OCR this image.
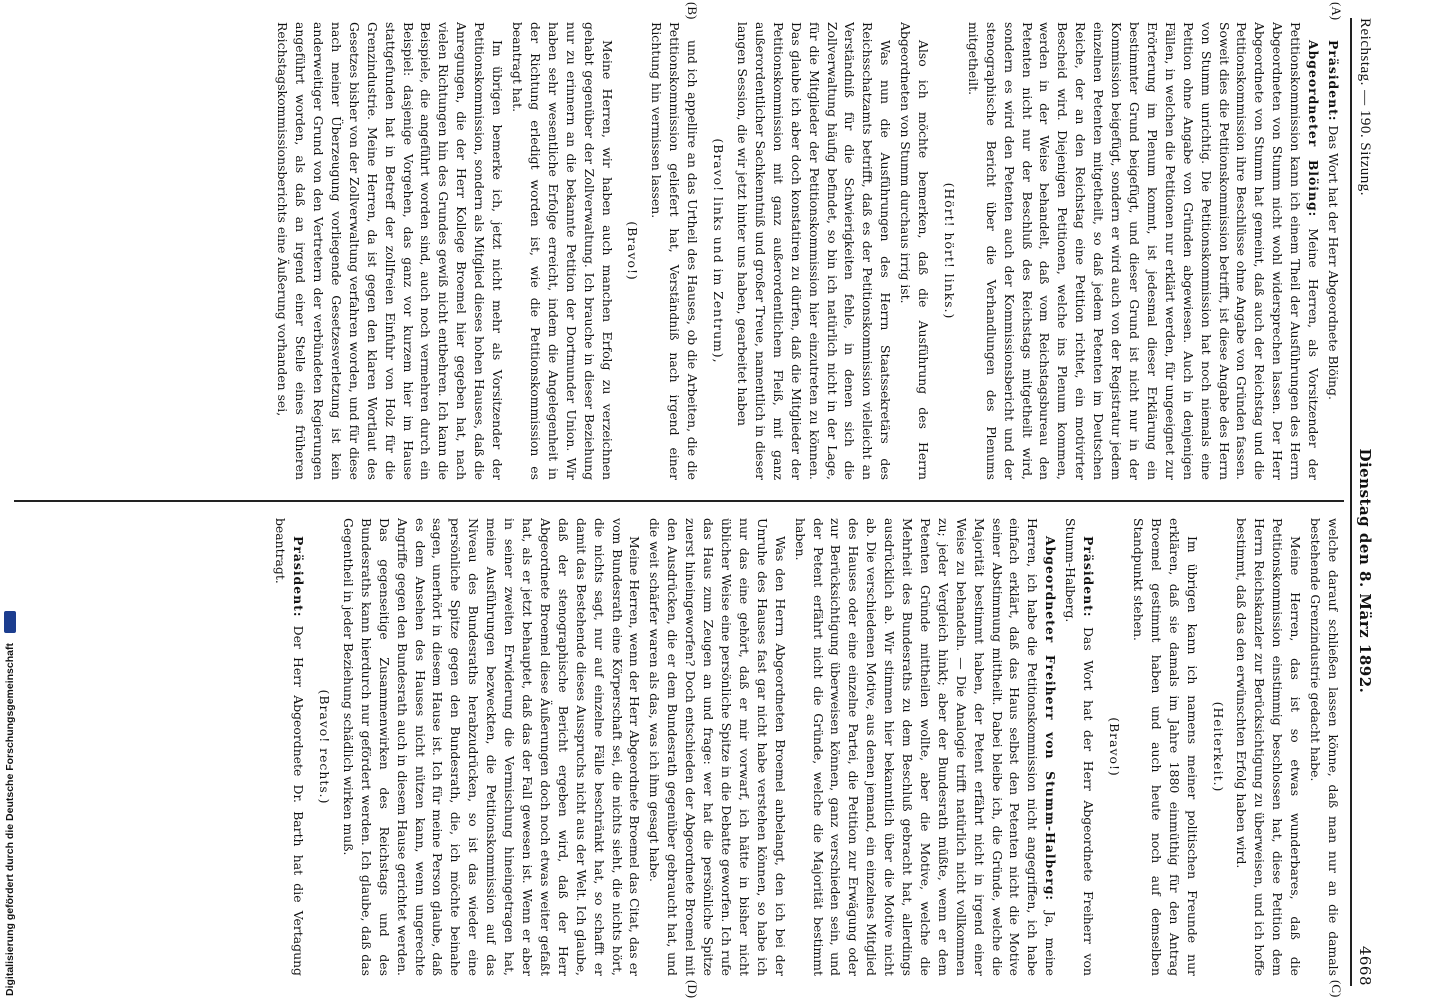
Reichstag. — 190. Sitzung.
Dienstag den 8. März 1892.
4668
(A)
(B)
(C)
(D)

Präsident: Das Wort hat der Herr Abgeordnete Blöing.

Abgeordneter Blöing: Meine Herren, als Vorsitzender der Petitionskommission kann ich einem Theil der Ausführungen des Herrn Abgeordneten von Stumm nicht wohl widersprechen lassen. Der Herr Abgeordnete von Stumm hat gemeint, daß auch der Reichstag und die Petitionskommission ihre Beschlüsse ohne Angabe von Gründen fassen. Soweit dies die Petitionskommission betrifft, ist diese Angabe des Herrn von Stumm unrichtig. Die Petitionskommission hat noch niemals eine Petition ohne Angabe von Gründen abgewiesen. Auch in denjenigen Fällen, in welchen die Petitionen nur erklärt werden, für ungeeignet zur Erörterung im Plenum kommt, ist jedesmal dieser Erklärung ein bestimmter Grund beigefügt, und dieser Grund ist nicht nur in der Kommission beigefügt, sondern er wird auch von der Registratur jedem einzelnen Petenten mitgetheilt, so daß jedem Petenten im Deutschen Reiche, der an den Reichstag eine Petition richtet, ein motivirter Bescheid wird. Diejenigen Petitionen, welche ins Plenum kommen, werden in der Weise behandelt, daß vom Reichstagsbureau den Petenten nicht nur der Beschluß des Reichstags mitgetheilt wird, sondern es wird den Petenten auch der Kommissionsbericht und der stenographische Bericht über die Verhandlungen des Plenums mitgetheilt.

(Hört! hört! links.)

Also ich möchte bemerken, daß die Ausführung des Herrn Abgeordneten von Stumm durchaus irrig ist.

Was nun die Ausführungen des Herrn Staatssekretärs des Reichsschatzamts betrifft, daß es der Petitionskommission vielleicht an Verständniß für die Schwierigkeiten fehle, in denen sich die Zollverwaltung häufig befindet, so bin ich natürlich nicht in der Lage, für die Mitglieder der Petitionskommission hier einzutreten zu können. Das glaube ich aber doch konstatiren zu dürfen, daß die Mitglieder der Petitionskommission mit ganz außerordentlichem Fleiß, mit ganz außerordentlicher Sachkenntniß und großer Treue, namentlich in dieser langen Session, die wir jetzt hinter uns haben, gearbeitet haben

(Bravo! links und im Zentrum),

und ich appellire an das Urtheil des Hauses, ob die Arbeiten, die die Petitionskommission geliefert hat, Verständniß nach irgend einer Richtung hin vermissen lassen.

(Bravo!)

Meine Herren, wir haben auch manchen Erfolg zu verzeichnen gehabt gegenüber der Zollverwaltung. Ich brauche in dieser Beziehung nur zu erinnern an die bekannte Petition der Dortmunder Union. Wir haben sehr wesentliche Erfolge erreicht, indem die Angelegenheit in der Richtung erledigt worden ist, wie die Petitionskommission es beantragt hat.

Im übrigen bemerke ich, jetzt nicht mehr als Vorsitzender der Petitionskommission, sondern als Mitglied dieses hohen Hauses, daß die Anregungen, die der Herr Kollege Broemel hier gegeben hat, nach vielen Richtungen hin des Grundes gewiß nicht entbehren. Ich kann die Beispiele, die angeführt worden sind, auch noch vermehren durch ein Beispiel: dasjenige Vorgehen, das ganz vor kurzem hier im Hause stattgefunden hat in Betreff der zollfreien Einfuhr von Holz für die Grenzindustrie. Meine Herren, da ist gegen den klaren Wortlaut des Gesetzes bisher von der Zollverwaltung verfahren worden, und für diese nach meiner Überzeugung vorliegende Gesetzesverletzung ist kein anderweitiger Grund von den Vertretern der verbündeten Regierungen angeführt worden, als daß an irgend einer Stelle eines früheren Reichstagskommissionsberichts eine Äußerung vorhanden sei,

welche darauf schließen lassen könne, daß man nur an die damals bestehende Grenzindustrie gedacht habe.

Meine Herren, das ist so etwas wunderbares, daß die Petitionskommission einstimmig beschlossen hat, diese Petition dem Herrn Reichskanzler zur Berücksichtigung zu überweisen, und ich hoffe bestimmt, daß das den erwünschten Erfolg haben wird.

(Heiterkeit.)

Im übrigen kann ich namens meiner politischen Freunde nur erklären, daß sie damals im Jahre 1880 einmüthig für den Antrag Broemel gestimmt haben und auch heute noch auf demselben Standpunkt stehen.

(Bravo!)

Präsident: Das Wort hat der Herr Abgeordnete Freiherr von Stumm-Halberg.

Abgeordneter Freiherr von Stumm-Halberg: Ja, meine Herren, ich habe die Petitionskommission nicht angegriffen, ich habe einfach erklärt, daß das Haus selbst den Petenten nicht die Motive seiner Abstimmung mittheilt. Dabei bleibe ich, die Gründe, welche die Majorität bestimmt haben, der Petent erfährt nicht in irgend einer Weise zu behandeln. — Die Analogie trifft natürlich nicht vollkommen zu; jeder Vergleich hinkt; aber der Bundesrath müßte, wenn er dem Petenten Gründe mittheilen wollte, aber die Motive, welche die Mehrheit des Bundesraths zu dem Beschluß gebracht hat, allerdings ausdrücklich ab. Wir stimmen hier bekanntlich über die Motive nicht ab. Die verschiedenen Motive, aus denen jemand, ein einzelnes Mitglied des Hauses oder eine einzelne Partei, die Petition zur Erwägung oder zur Berücksichtigung überweisen können, ganz verschieden sein, und der Petent erfährt nicht die Gründe, welche die Majorität bestimmt haben.

Was den Herrn Abgeordneten Broemel anbelangt, den ich bei der Unruhe des Hauses fast gar nicht habe verstehen können, so habe ich nur das eine gehört, daß er mir vorwarf, ich hätte in bisher nicht üblicher Weise eine persönliche Spitze in die Debatte geworfen. Ich rufe das Haus zum Zeugen an und frage: wer hat die persönliche Spitze zuerst hineingeworfen? Doch entschieden der Abgeordnete Broemel mit den Ausdrücken, die er dem Bundesrath gegenüber gebraucht hat, und die weit schärfer waren als das, was ich ihm gesagt habe.

Meine Herren, wenn der Herr Abgeordnete Broemel das Citat, das er vom Bundesrath eine Körperschaft sei, die nichts sieht, die nichts hört, die nichts sagt, nur auf einzelne Fälle beschränkt hat, so schafft er damit das Bestehende dieses Ausspruchs nicht aus der Welt. Ich glaube, daß der stenographische Bericht ergeben wird, daß der Herr Abgeordnete Broemel diese Äußerungen doch noch etwas weiter gefaßt hat, als er jetzt behauptet, daß das der Fall gewesen ist. Wenn er aber in seiner zweiten Erwiderung die Vermischung hineingetragen hat, meine Ausführungen bezweckten, die Petitionskommission auf das Niveau des Bundesraths herabzudrücken, so ist das wieder eine persönliche Spitze gegen den Bundesrath, die, ich möchte beinahe sagen, unerhört in diesem Hause ist. Ich für meine Person glaube, daß es dem Ansehen des Hauses nicht nützen kann, wenn ungerechte Angriffe gegen den Bundesrath auch in diesem Hause gerichtet werden. Das gegenseitige Zusammenwirken des Reichstags und des Bundesraths kann hierdurch nur gefördert werden. Ich glaube, daß das Gegentheil in jeder Beziehung schädlich wirken muß.

(Bravo! rechts.)

Präsident: Der Herr Abgeordnete Dr. Barth hat die Vertagung beantragt.

Digitalisierung gefördert durch die Deutsche Forschungsgemeinschaft
